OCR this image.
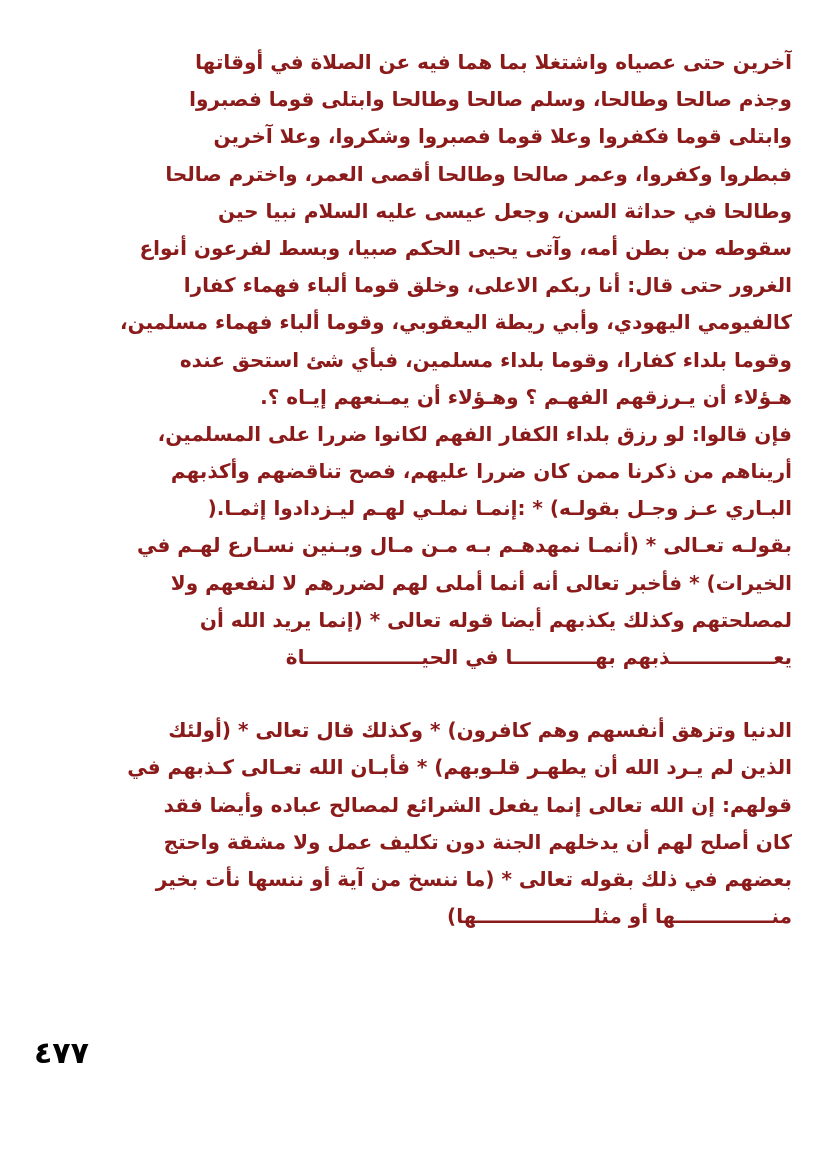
آخرين حتى عصياه واشتغلا بما هما فيه عن الصلاة في أوقاتها
وجذم صالحا وطالحا، وسلم صالحا وطالحا وابتلى قوما فصبروا
وابتلى قوما فكفروا وعلا قوما فصبروا وشكروا، وعلا آخرين
فبطروا وكفروا، وعمر صالحا وطالحا أقصى العمر، واخترم صالحا
وطالحا في حداثة السن، وجعل عيسى عليه السلام نبيا حين
سقوطه من بطن أمه، وآتى يحيى الحكم صبيا، وبسط لفرعون أنواع
الغرور حتى قال: أنا ربكم الاعلى، وخلق قوما ألباء فهماء كفارا
كالفيومي اليهودي، وأبي ريطة اليعقوبي، وقوما ألباء فهماء مسلمين،
وقوما بلداء كفارا، وقوما بلداء مسلمين، فبأي شئ استحق عنده
هـؤلاء أن يـرزقهم الفهـم ؟ وهـؤلاء أن يمـنعهم إيـاه ؟.
فإن قالوا: لو رزق بلداء الكفار الفهم لكانوا ضررا على المسلمين،
أريناهم من ذكرنا ممن كان ضررا عليهم، فصح تناقضهم وأكذبهم
البـاري عـز وجـل بقولـه) * :إنمـا نملـي لهـم ليـزدادوا إثمـا.(
بقولـه تعـالى * (أنمـا نمهدهـم بـه مـن مـال وبـنين نسـارع لهـم في
الخيرات) * فأخبر تعالى أنه أنما أملى لهم لضررهم لا لنفعهم ولا
لمصلحتهم وكذلك يكذبهم أيضا قوله تعالى * (إنما يريد الله أن
يعـــــــــــــــذبهم بهــــــــــــا في الحيـــــــــــــــــاة
الدنيا وتزهق أنفسهم وهم كافرون) * وكذلك قال تعالى * (أولئك
الذين لم يـرد الله أن يطهـر قلـوبهم) * فأبـان الله تعـالى كـذبهم في
قولهم: إن الله تعالى إنما يفعل الشرائع لمصالح عباده وأيضا فقد
كان أصلح لهم أن يدخلهم الجنة دون تكليف عمل ولا مشقة واحتج
بعضهم في ذلك بقوله تعالى * (ما ننسخ من آية أو ننسها نأت بخير
منــــــــــــــها أو مثلـــــــــــــــــها)
٤٧٧
